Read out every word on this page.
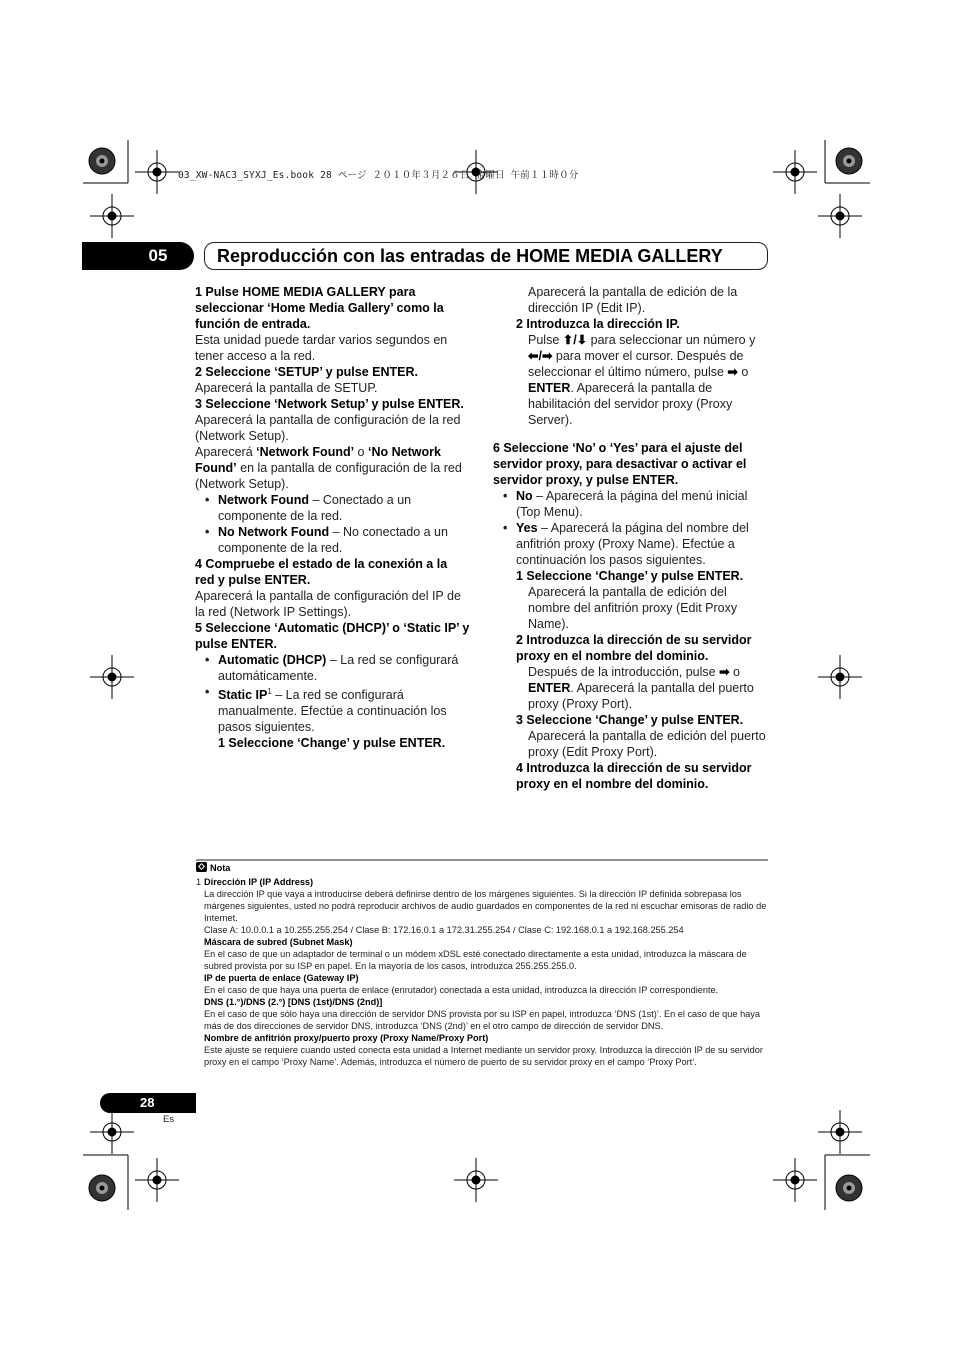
03_XW-NAC3_SYXJ_Es.book 28 ページ ２０１０年３月２６日 金曜日 午前１１時０分
05	Reproducción con las entradas de HOME MEDIA GALLERY

1 Pulse HOME MEDIA GALLERY para seleccionar ‘Home Media Gallery’ como la función de entrada.

Esta unidad puede tardar varios segundos en tener acceso a la red.

2 Seleccione ‘SETUP’ y pulse ENTER.

Aparecerá la pantalla de SETUP.

3 Seleccione ‘Network Setup’ y pulse ENTER.

Aparecerá la pantalla de configuración de la red (Network Setup).

Aparecerá ‘Network Found’ o ‘No Network Found’ en la pantalla de configuración de la red (Network Setup).

• Network Found – Conectado a un componente de la red.

• No Network Found – No conectado a un componente de la red.

4 Compruebe el estado de la conexión a la red y pulse ENTER.

Aparecerá la pantalla de configuración del IP de la red (Network IP Settings).

5 Seleccione ‘Automatic (DHCP)’ o ‘Static IP’ y pulse ENTER.

• Automatic (DHCP) – La red se configurará automáticamente.

• Static $IP^1$ – La red se configurará manualmente. Efectúe a continuación los pasos siguientes.

1 Seleccione ‘Change’ y pulse ENTER.

Aparecerá la pantalla de edición de la dirección IP (Edit IP).

2 Introduzca la dirección IP.

Pulse ⬆/⬇ para seleccionar un número y ⬅/➡ para mover el cursor. Después de seleccionar el último número, pulse ➡ o ENTER. Aparecerá la pantalla de habilitación del servidor proxy (Proxy Server).

6 Seleccione ‘No’ o ‘Yes’ para el ajuste del servidor proxy, para desactivar o activar el servidor proxy, y pulse ENTER.

• No – Aparecerá la página del menú inicial (Top Menu).

• Yes – Aparecerá la página del nombre del anfitrión proxy (Proxy Name). Efectúe a continuación los pasos siguientes.

1 Seleccione ‘Change’ y pulse ENTER.

Aparecerá la pantalla de edición del nombre del anfitrión proxy (Edit Proxy Name).

2 Introduzca la dirección de su servidor proxy en el nombre del dominio.

Después de la introducción, pulse ➡ o ENTER. Aparecerá la pantalla del puerto proxy (Proxy Port).

3 Seleccione ‘Change’ y pulse ENTER.

Aparecerá la pantalla de edición del puerto proxy (Edit Proxy Port).

4 Introduzca la dirección de su servidor proxy en el nombre del dominio.

Nota

1 Dirección IP (IP Address)

La dirección IP que vaya a introducirse deberá definirse dentro de los márgenes siguientes. Si la dirección IP definida sobrepasa los márgenes siguientes, usted no podrá reproducir archivos de audio guardados en componentes de la red ni escuchar emisoras de radio de Internet.

Clase A: 10.0.0.1 a 10.255.255.254 / Clase B: 172.16.0.1 a 172.31.255.254 / Clase C: 192.168.0.1 a 192.168.255.254

Máscara de subred (Subnet Mask)

En el caso de que un adaptador de terminal o un módem xDSL esté conectado directamente a esta unidad, introduzca la máscara de subred provista por su ISP en papel. En la mayoría de los casos, introduzca 255.255.255.0.

IP de puerta de enlace (Gateway IP)

En el caso de que haya una puerta de enlace (enrutador) conectada a esta unidad, introduzca la dirección IP correspondiente.

DNS (1.°)/DNS (2.°) [DNS (1st)/DNS (2nd)]

En el caso de que sólo haya una dirección de servidor DNS provista por su ISP en papel, introduzca ‘DNS (1st)’. En el caso de que haya más de dos direcciones de servidor DNS, introduzca ‘DNS (2nd)’ en el otro campo de dirección de servidor DNS.

Nombre de anfitrión proxy/puerto proxy (Proxy Name/Proxy Port)

Este ajuste se requiere cuando usted conecta esta unidad a Internet mediante un servidor proxy. Introduzca la dirección IP de su servidor proxy en el campo ‘Proxy Name’. Además, introduzca el número de puerto de su servidor proxy en el campo ‘Proxy Port’.

28
Es
